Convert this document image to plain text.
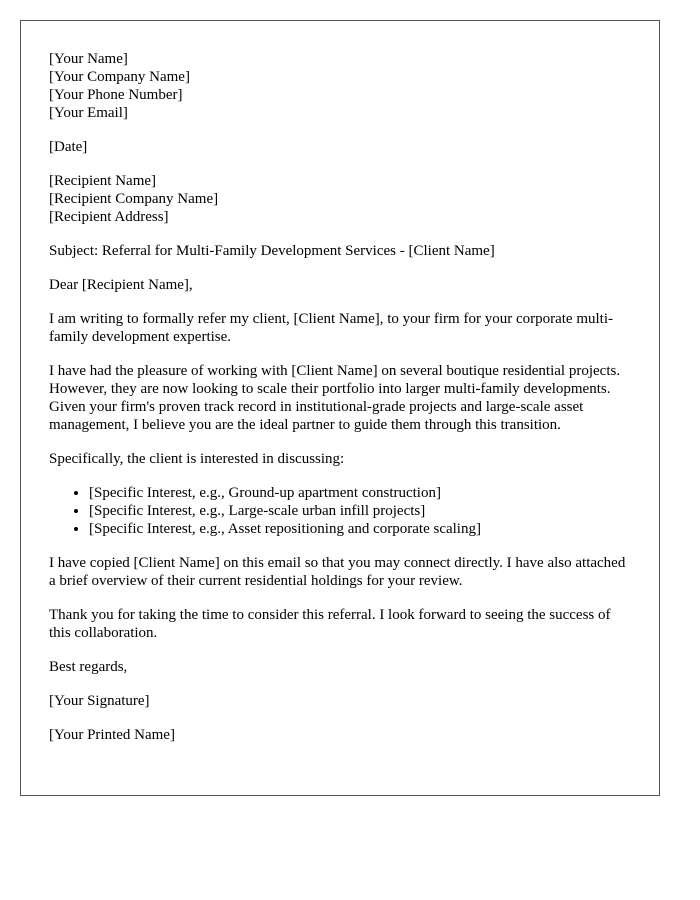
[Your Name]
[Your Company Name]
[Your Phone Number]
[Your Email]
[Date]
[Recipient Name]
[Recipient Company Name]
[Recipient Address]

Subject: Referral for Multi-Family Development Services - [Client Name]

Dear [Recipient Name],

I am writing to formally refer my client, [Client Name], to your firm for your corporate multi-family development expertise.

I have had the pleasure of working with [Client Name] on several boutique residential projects. However, they are now looking to scale their portfolio into larger multi-family developments. Given your firm's proven track record in institutional-grade projects and large-scale asset management, I believe you are the ideal partner to guide them through this transition.

Specifically, the client is interested in discussing:

• [Specific Interest, e.g., Ground-up apartment construction]
• [Specific Interest, e.g., Large-scale urban infill projects]
• [Specific Interest, e.g., Asset repositioning and corporate scaling]

I have copied [Client Name] on this email so that you may connect directly. I have also attached a brief overview of their current residential holdings for your review.

Thank you for taking the time to consider this referral. I look forward to seeing the success of this collaboration.

Best regards,

[Your Signature]

[Your Printed Name]
